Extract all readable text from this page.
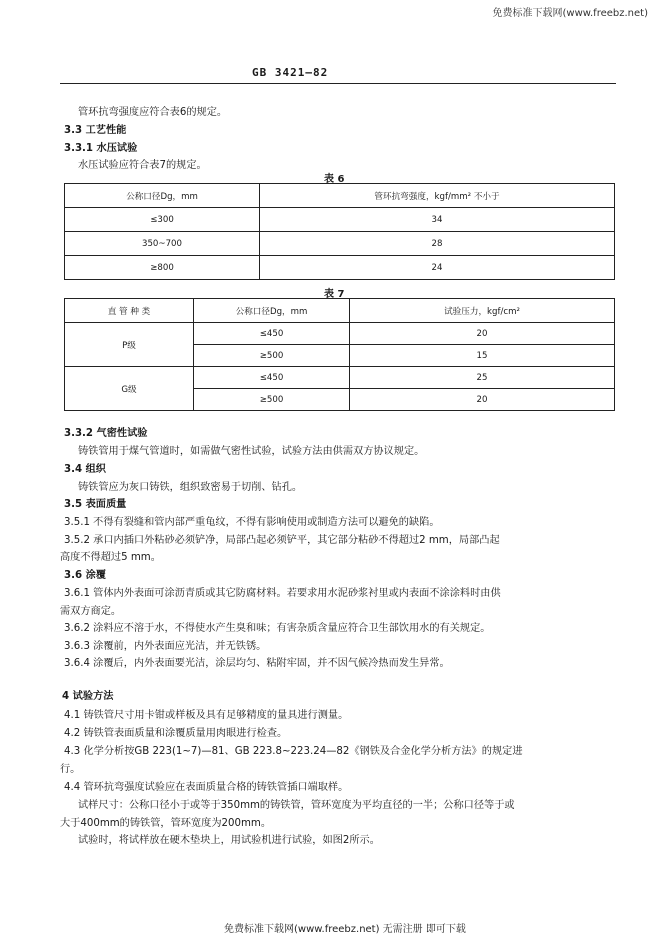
免费标准下载网(www.freebz.net)
GB 3421—82
管环抗弯强度应符合表6的规定。
3.3 工艺性能
3.3.1 水压试验
水压试验应符合表7的规定。
表 6
公称口径Dg，mm	管环抗弯强度，kgf/mm² 不小于
≤300	34
350~700	28
≥800	24
表 7
直 管 种 类	公称口径Dg，mm	试验压力，kgf/cm²
P级	≤450	20
	≥500	15
G级	≤450	25
	≥500	20
3.3.2 气密性试验
铸铁管用于煤气管道时，如需做气密性试验，试验方法由供需双方协议规定。
3.4 组织
铸铁管应为灰口铸铁，组织致密易于切削、钻孔。
3.5 表面质量
3.5.1 不得有裂缝和管内部严重龟纹，不得有影响使用或制造方法可以避免的缺陷。
3.5.2 承口内插口外粘砂必须铲净，局部凸起必须铲平，其它部分粘砂不得超过2 mm，局部凸起
高度不得超过5 mm。
3.6 涂覆
3.6.1 管体内外表面可涂沥青质或其它防腐材料。若要求用水泥砂浆衬里或内表面不涂涂料时由供
需双方商定。
3.6.2 涂料应不溶于水，不得使水产生臭和味；有害杂质含量应符合卫生部饮用水的有关规定。
3.6.3 涂覆前，内外表面应光洁，并无铁锈。
3.6.4 涂覆后，内外表面要光洁，涂层均匀、粘附牢固，并不因气候冷热而发生异常。
4 试验方法
4.1 铸铁管尺寸用卡钳或样板及具有足够精度的量具进行测量。
4.2 铸铁管表面质量和涂覆质量用肉眼进行检查。
4.3 化学分析按GB 223(1~7)—81、GB 223.8~223.24—82《钢铁及合金化学分析方法》的规定进
行。
4.4 管环抗弯强度试验应在表面质量合格的铸铁管插口端取样。
试样尺寸：公称口径小于或等于350mm的铸铁管，管环宽度为平均直径的一半；公称口径等于或
大于400mm的铸铁管，管环宽度为200mm。
试验时，将试样放在硬木垫块上，用试验机进行试验，如图2所示。
免费标准下载网(www.freebz.net) 无需注册 即可下载
